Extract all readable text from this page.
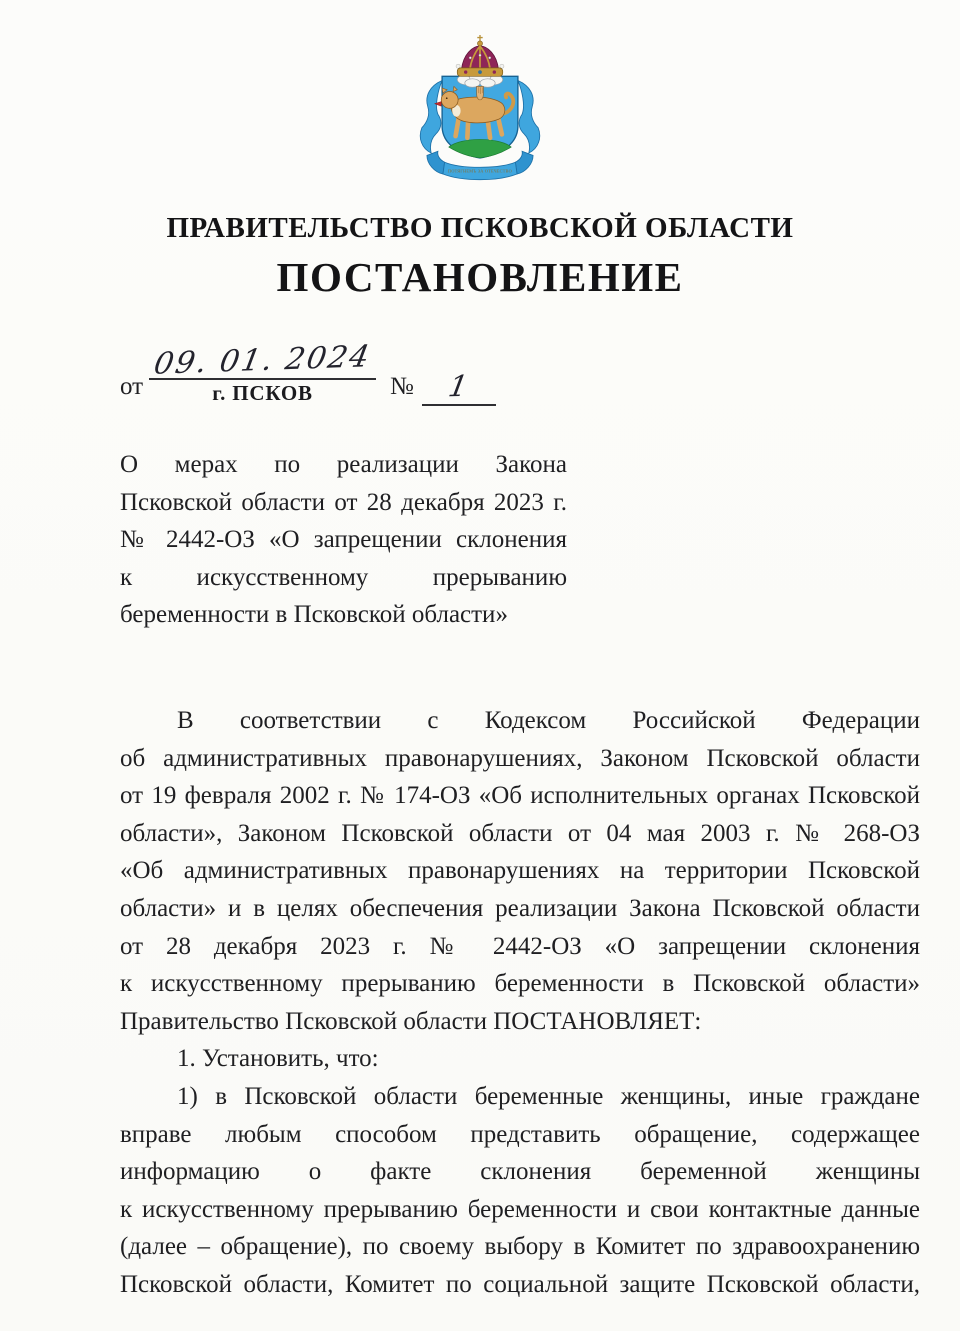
ПОТЯГНЕМЪ ЗА ОТЕЧЕСТВО
ПРАВИТЕЛЬСТВО ПСКОВСКОЙ ОБЛАСТИ
ПОСТАНОВЛЕНИЕ
от
09. 01. 2024
г. ПСКОВ	№	1
О мерах по реализации Закона
Псковской области от 28 декабря 2023 г.
№ 2442-ОЗ «О запрещении склонения
к искусственному прерыванию
беременности в Псковской области»
В соответствии с Кодексом Российской Федерации
об административных правонарушениях, Законом Псковской области
от 19 февраля 2002 г. № 174-ОЗ «Об исполнительных органах Псковской
области», Законом Псковской области от 04 мая 2003 г. № 268-ОЗ
«Об административных правонарушениях на территории Псковской
области» и в целях обеспечения реализации Закона Псковской области
от 28 декабря 2023 г. № 2442-ОЗ «О запрещении склонения
к искусственному прерыванию беременности в Псковской области»
Правительство Псковской области ПОСТАНОВЛЯЕТ:
1. Установить, что:
1) в Псковской области беременные женщины, иные граждане
вправе любым способом представить обращение, содержащее
информацию о факте склонения беременной женщины
к искусственному прерыванию беременности и свои контактные данные
(далее – обращение), по своему выбору в Комитет по здравоохранению
Псковской области, Комитет по социальной защите Псковской области,
